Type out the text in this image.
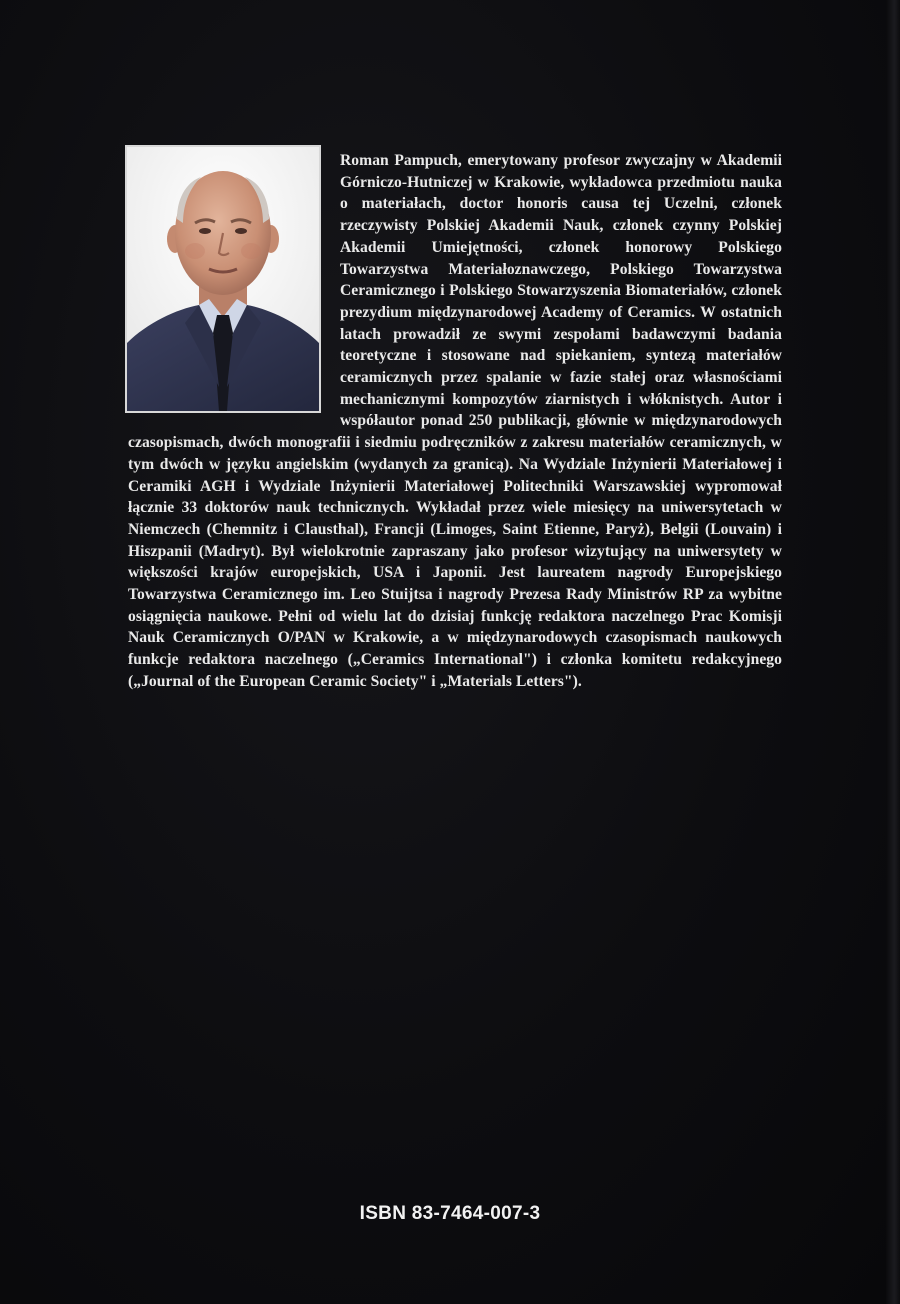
Roman Pampuch, emerytowany profesor zwyczajny w Akademii Górniczo-Hutniczej w Krakowie, wykładowca przedmiotu nauka o materiałach, doctor honoris causa tej Uczelni, członek rzeczywisty Polskiej Akademii Nauk, członek czynny Polskiej Akademii Umiejętności, członek honorowy Polskiego Towarzystwa Materiałoznawczego, Polskiego Towarzystwa Ceramicznego i Polskiego Stowarzyszenia Biomateriałów, członek prezydium międzynarodowej Academy of Ceramics. W ostatnich latach prowadził ze swymi zespołami badawczymi badania teoretyczne i stosowane nad spiekaniem, syntezą materiałów ceramicznych przez spalanie w fazie stałej oraz własnościami mechanicznymi kompozytów ziarnistych i włóknistych. Autor i współautor ponad 250 publikacji, głównie w międzynarodowych czasopismach, dwóch monografii i siedmiu podręczników z zakresu materiałów ceramicznych, w tym dwóch w języku angielskim (wydanych za granicą). Na Wydziale Inżynierii Materiałowej i Ceramiki AGH i Wydziale Inżynierii Materiałowej Politechniki Warszawskiej wypromował łącznie 33 doktorów nauk technicznych. Wykładał przez wiele miesięcy na uniwersytetach w Niemczech (Chemnitz i Clausthal), Francji (Limoges, Saint Etienne, Paryż), Belgii (Louvain) i Hiszpanii (Madryt). Był wielokrotnie zapraszany jako profesor wizytujący na uniwersytety w większości krajów europejskich, USA i Japonii. Jest laureatem nagrody Europejskiego Towarzystwa Ceramicznego im. Leo Stuijtsa i nagrody Prezesa Rady Ministrów RP za wybitne osiągnięcia naukowe. Pełni od wielu lat do dzisiaj funkcję redaktora naczelnego Prac Komisji Nauk Ceramicznych O/PAN w Krakowie, a w międzynarodowych czasopismach naukowych funkcje redaktora naczelnego („Ceramics International") i członka komitetu redakcyjnego („Journal of the European Ceramic Society" i „Materials Letters").

ISBN 83-7464-007-3
